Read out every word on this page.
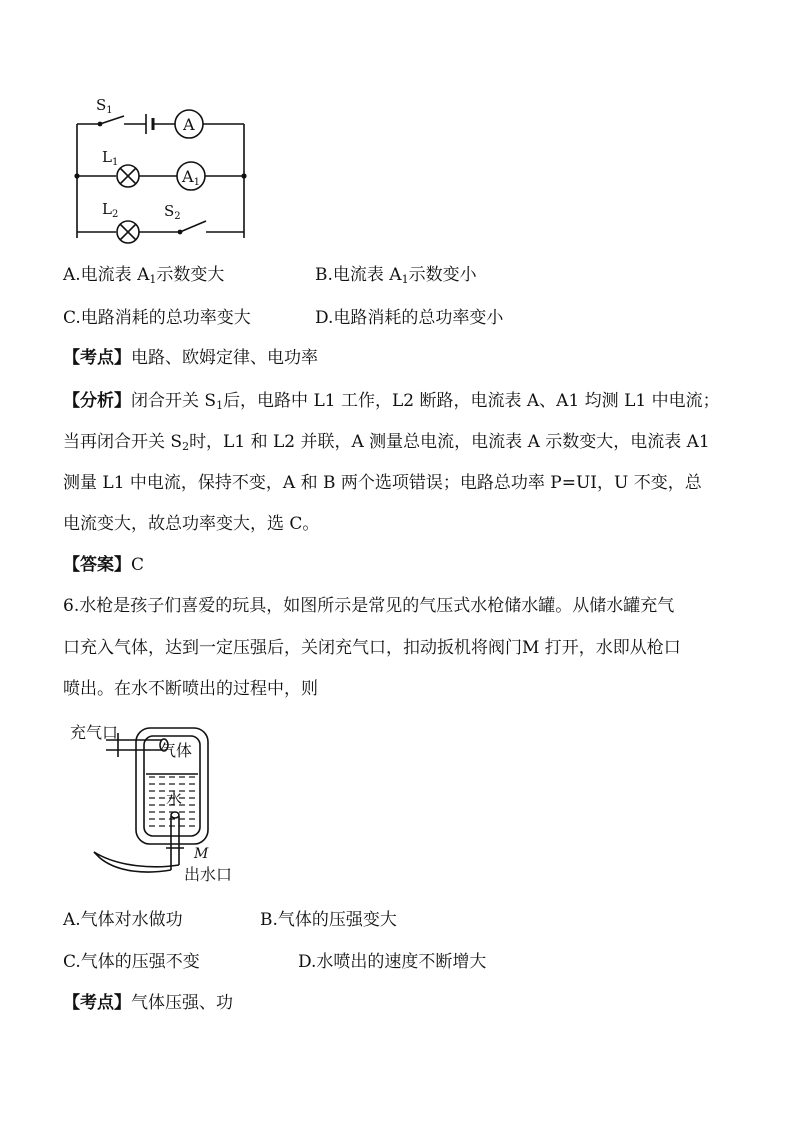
$S_1$
A
$L_1$
A1
$L_2$	$S_2$
A.电流表 $A_1$示数变大	B.电流表 $A_1$示数变小
C.电路消耗的总功率变大	D.电路消耗的总功率变小
【考点】电路、欧姆定律、电功率
【分析】闭合开关 $S_1$后，电路中 L1 工作，L2 断路，电流表 A、A1 均测 L1 中电流；
当再闭合开关 $S_2$时，L1 和 L2 并联，A 测量总电流，电流表 A 示数变大，电流表 A1
测量 L1 中电流，保持不变，A 和 B 两个选项错误；电路总功率 P=UI，U 不变，总
电流变大，故总功率变大，选 C。
【答案】C
6.水枪是孩子们喜爱的玩具，如图所示是常见的气压式水枪储水罐。从储水罐充气
口充入气体，达到一定压强后，关闭充气口，扣动扳机将阀门M 打开，水即从枪口
喷出。在水不断喷出的过程中，则
充气口
气体
水
M
出水口
A.气体对水做功	B.气体的压强变大
C.气体的压强不变	D.水喷出的速度不断增大
【考点】气体压强、功
